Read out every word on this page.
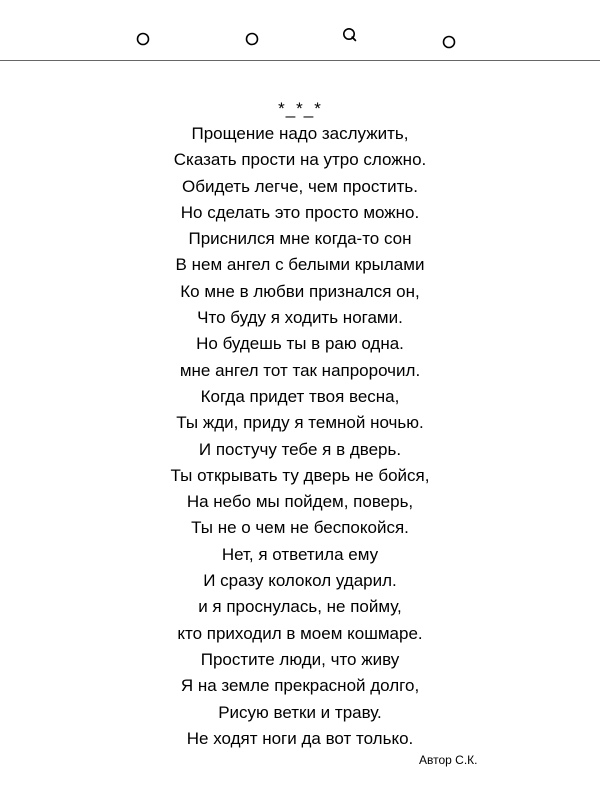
*_*_*
Прощение надо заслужить,
Сказать прости на утро сложно.
Обидеть легче, чем простить.
Но сделать это просто можно.
Приснился мне когда-то сон
В нем ангел с белыми крылами
Ко мне в любви признался он,
Что буду я ходить ногами.
Но будешь ты в раю одна.
мне ангел тот так напророчил.
Когда придет твоя весна,
Ты жди, приду я темной ночью.
И постучу тебе я в дверь.
Ты открывать ту дверь не бойся,
На небо мы пойдем, поверь,
Ты не о чем не беспокойся.
Нет, я ответила ему
И сразу колокол ударил.
и я проснулась, не пойму,
кто приходил в моем кошмаре.
Простите люди, что живу
Я на земле прекрасной долго,
Рисую ветки и траву.
Не ходят ноги да вот только.
Автор С.К.
